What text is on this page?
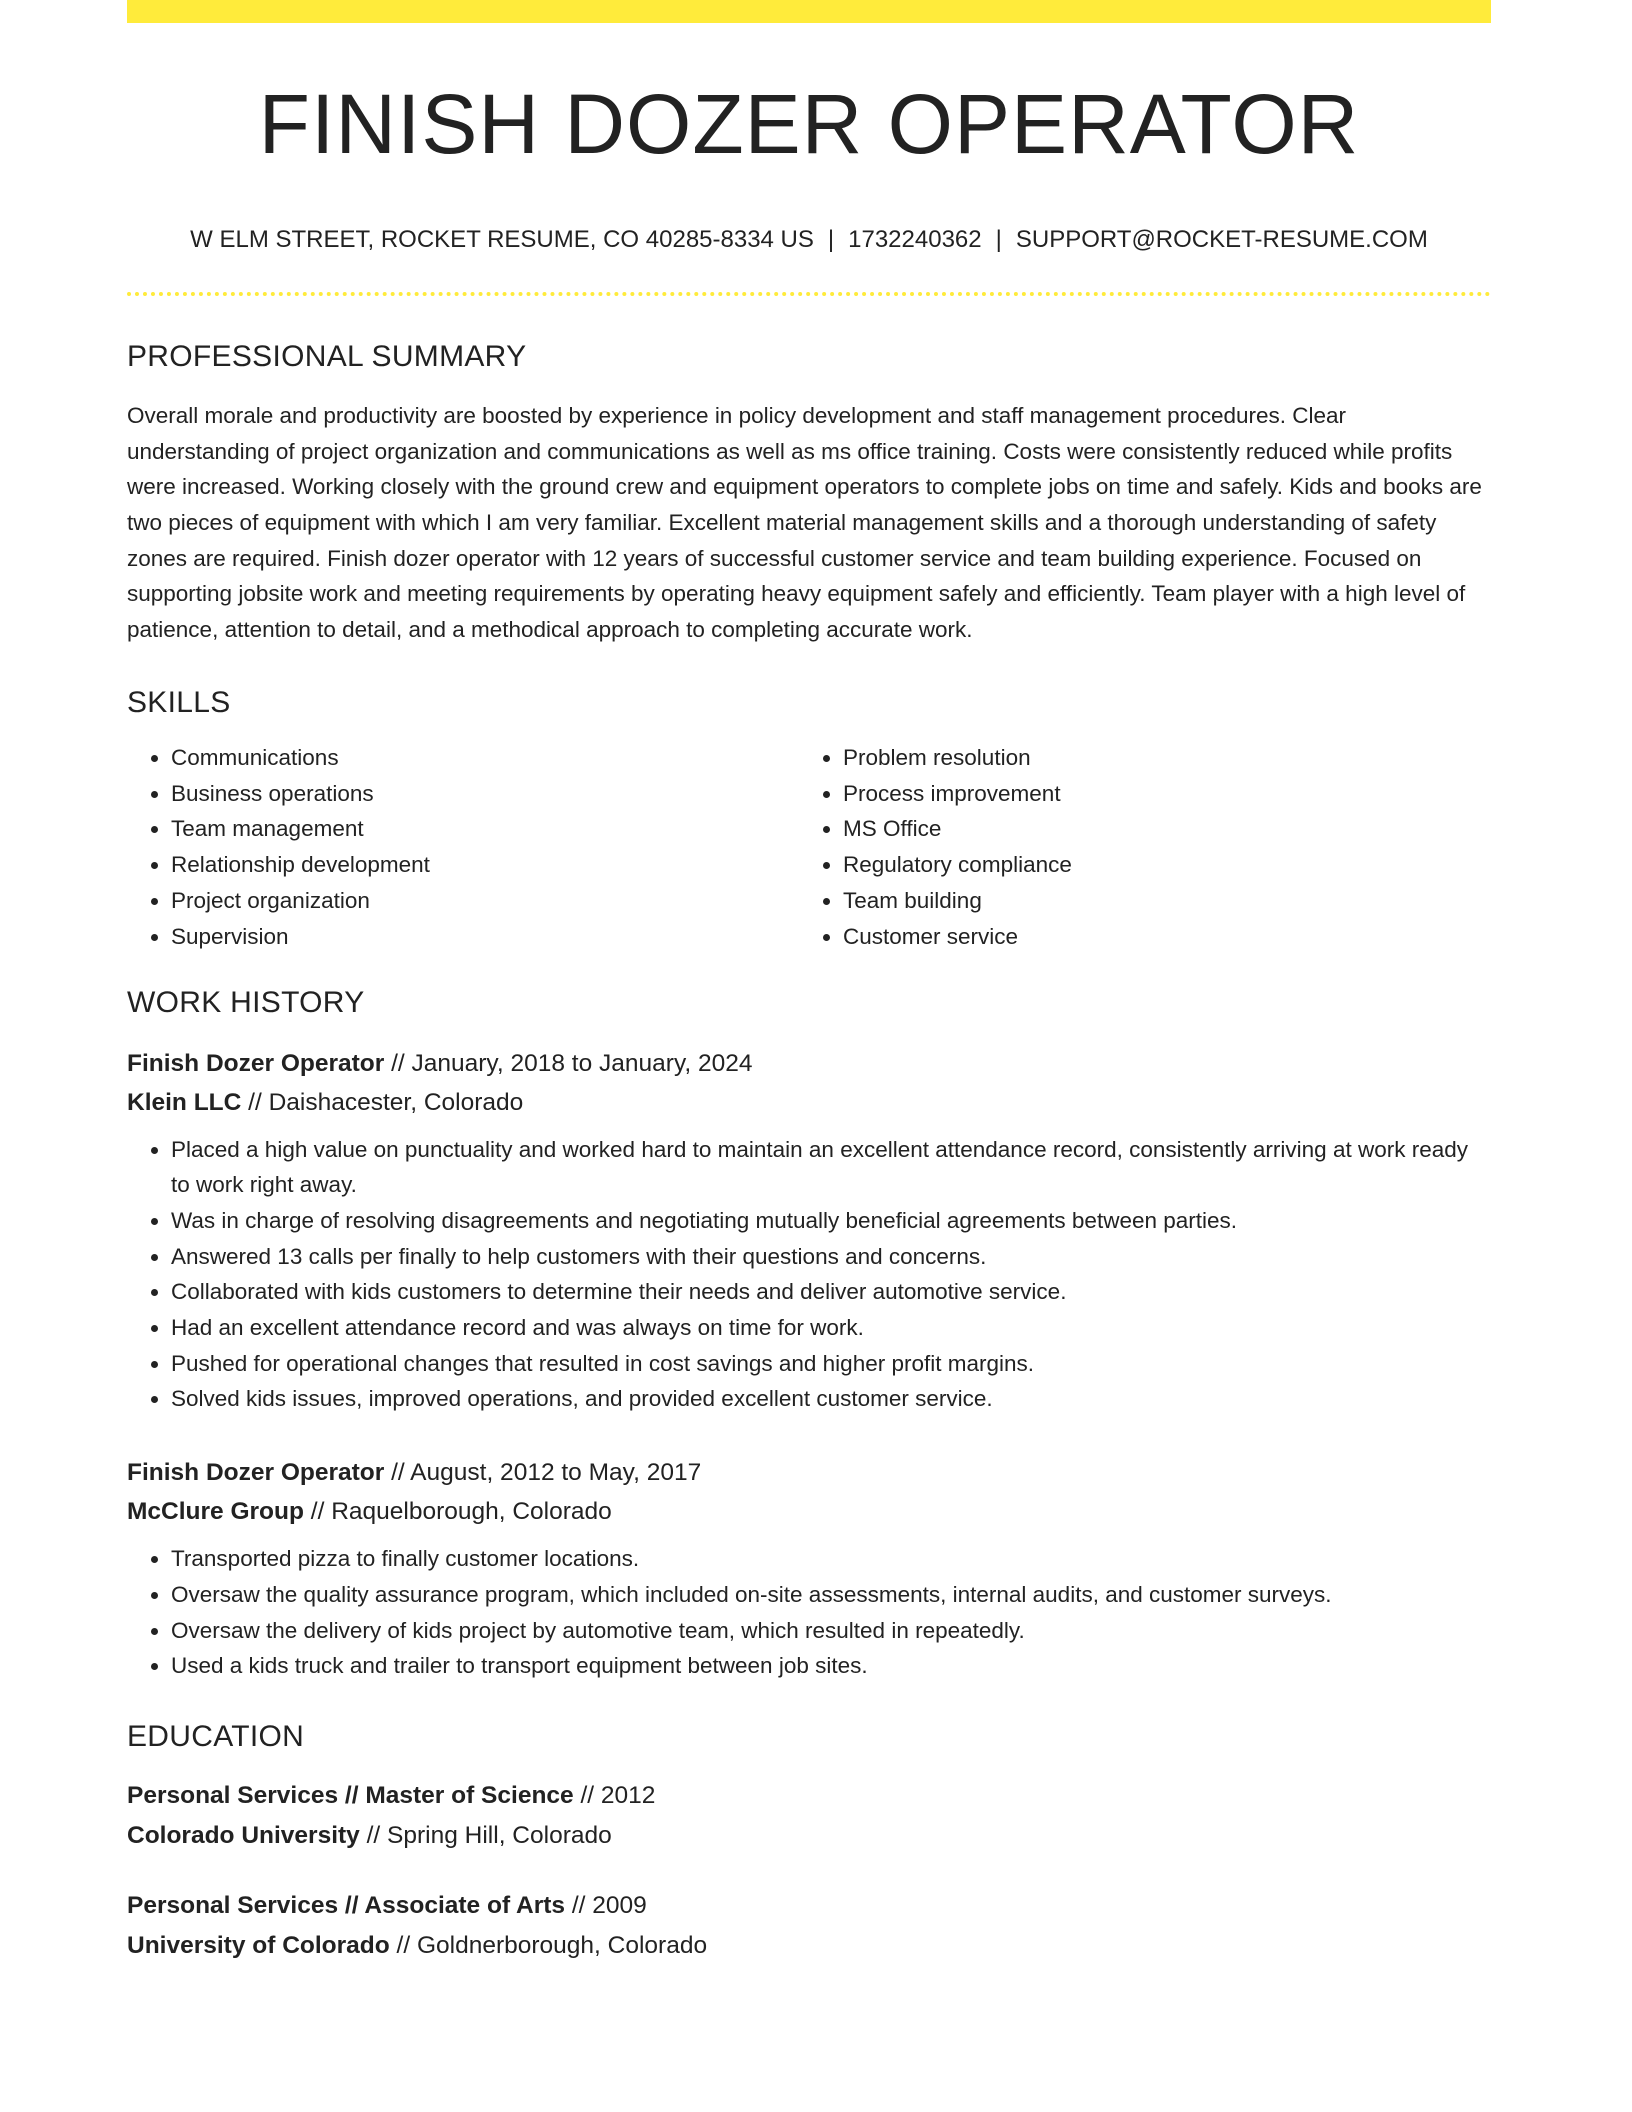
FINISH DOZER OPERATOR
W ELM STREET, ROCKET RESUME, CO 40285-8334 US | 1732240362 | SUPPORT@ROCKET-RESUME.COM
PROFESSIONAL SUMMARY

Overall morale and productivity are boosted by experience in policy development and staff management procedures. Clear understanding of project organization and communications as well as ms office training. Costs were consistently reduced while profits were increased. Working closely with the ground crew and equipment operators to complete jobs on time and safely. Kids and books are two pieces of equipment with which I am very familiar. Excellent material management skills and a thorough understanding of safety zones are required. Finish dozer operator with 12 years of successful customer service and team building experience. Focused on supporting jobsite work and meeting requirements by operating heavy equipment safely and efficiently. Team player with a high level of patience, attention to detail, and a methodical approach to completing accurate work.

SKILLS
• Communications
• Business operations
• Team management
• Relationship development
• Project organization
• Supervision
• Problem resolution
• Process improvement
• MS Office
• Regulatory compliance
• Team building
• Customer service
WORK HISTORY
Finish Dozer Operator // January, 2018 to January, 2024
Klein LLC // Daishacester, Colorado
• Placed a high value on punctuality and worked hard to maintain an excellent attendance record, consistently arriving at work ready to work right away.
• Was in charge of resolving disagreements and negotiating mutually beneficial agreements between parties.
• Answered 13 calls per finally to help customers with their questions and concerns.
• Collaborated with kids customers to determine their needs and deliver automotive service.
• Had an excellent attendance record and was always on time for work.
• Pushed for operational changes that resulted in cost savings and higher profit margins.
• Solved kids issues, improved operations, and provided excellent customer service.
Finish Dozer Operator // August, 2012 to May, 2017
McClure Group // Raquelborough, Colorado
• Transported pizza to finally customer locations.
• Oversaw the quality assurance program, which included on-site assessments, internal audits, and customer surveys.
• Oversaw the delivery of kids project by automotive team, which resulted in repeatedly.
• Used a kids truck and trailer to transport equipment between job sites.
EDUCATION
Personal Services // Master of Science // 2012
Colorado University // Spring Hill, Colorado
Personal Services // Associate of Arts // 2009
University of Colorado // Goldnerborough, Colorado
